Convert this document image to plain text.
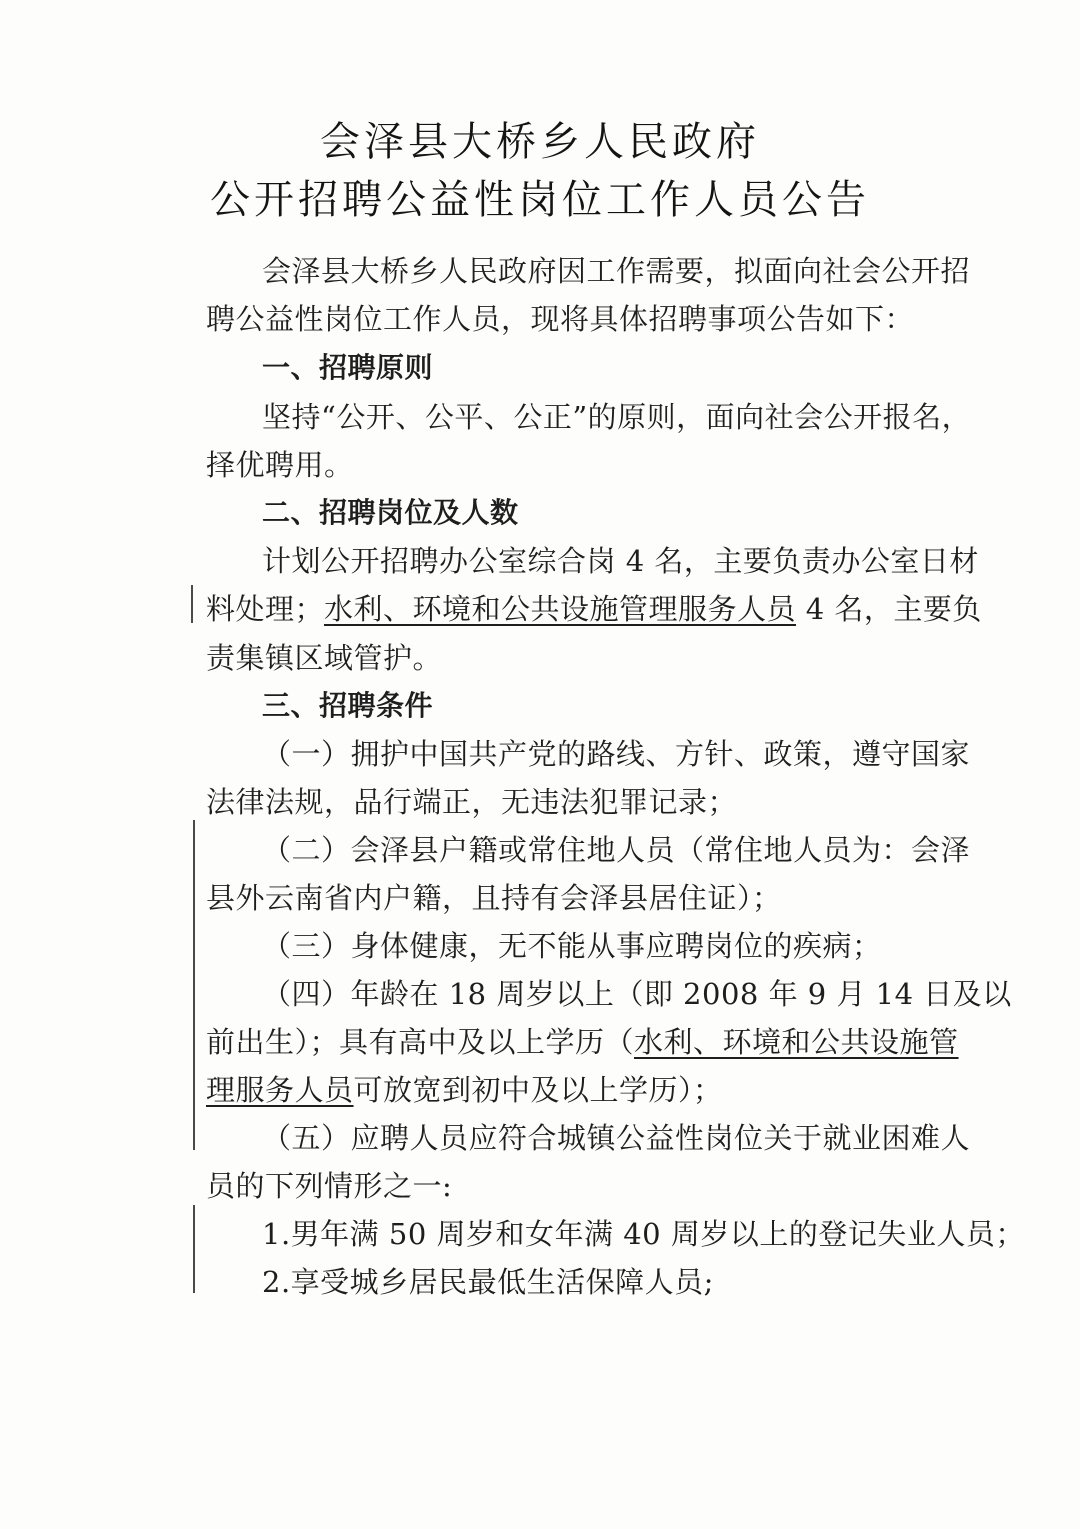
会泽县大桥乡人民政府
公开招聘公益性岗位工作人员公告
会泽县大桥乡人民政府因工作需要，拟面向社会公开招
聘公益性岗位工作人员，现将具体招聘事项公告如下：
一、招聘原则
坚持“公开、公平、公正”的原则，面向社会公开报名，
择优聘用。
二、招聘岗位及人数
计划公开招聘办公室综合岗 4 名，主要负责办公室日材
料处理；水利、环境和公共设施管理服务人员 4 名，主要负
责集镇区域管护。
三、招聘条件
（一）拥护中国共产党的路线、方针、政策，遵守国家
法律法规，品行端正，无违法犯罪记录；
（二）会泽县户籍或常住地人员（常住地人员为：会泽
县外云南省内户籍，且持有会泽县居住证）；
（三）身体健康，无不能从事应聘岗位的疾病；
（四）年龄在 18 周岁以上（即 2008 年 9 月 14 日及以
前出生）；具有高中及以上学历（水利、环境和公共设施管
理服务人员可放宽到初中及以上学历）；
（五）应聘人员应符合城镇公益性岗位关于就业困难人
员的下列情形之一:
1.男年满 50 周岁和女年满 40 周岁以上的登记失业人员；
2.享受城乡居民最低生活保障人员;
